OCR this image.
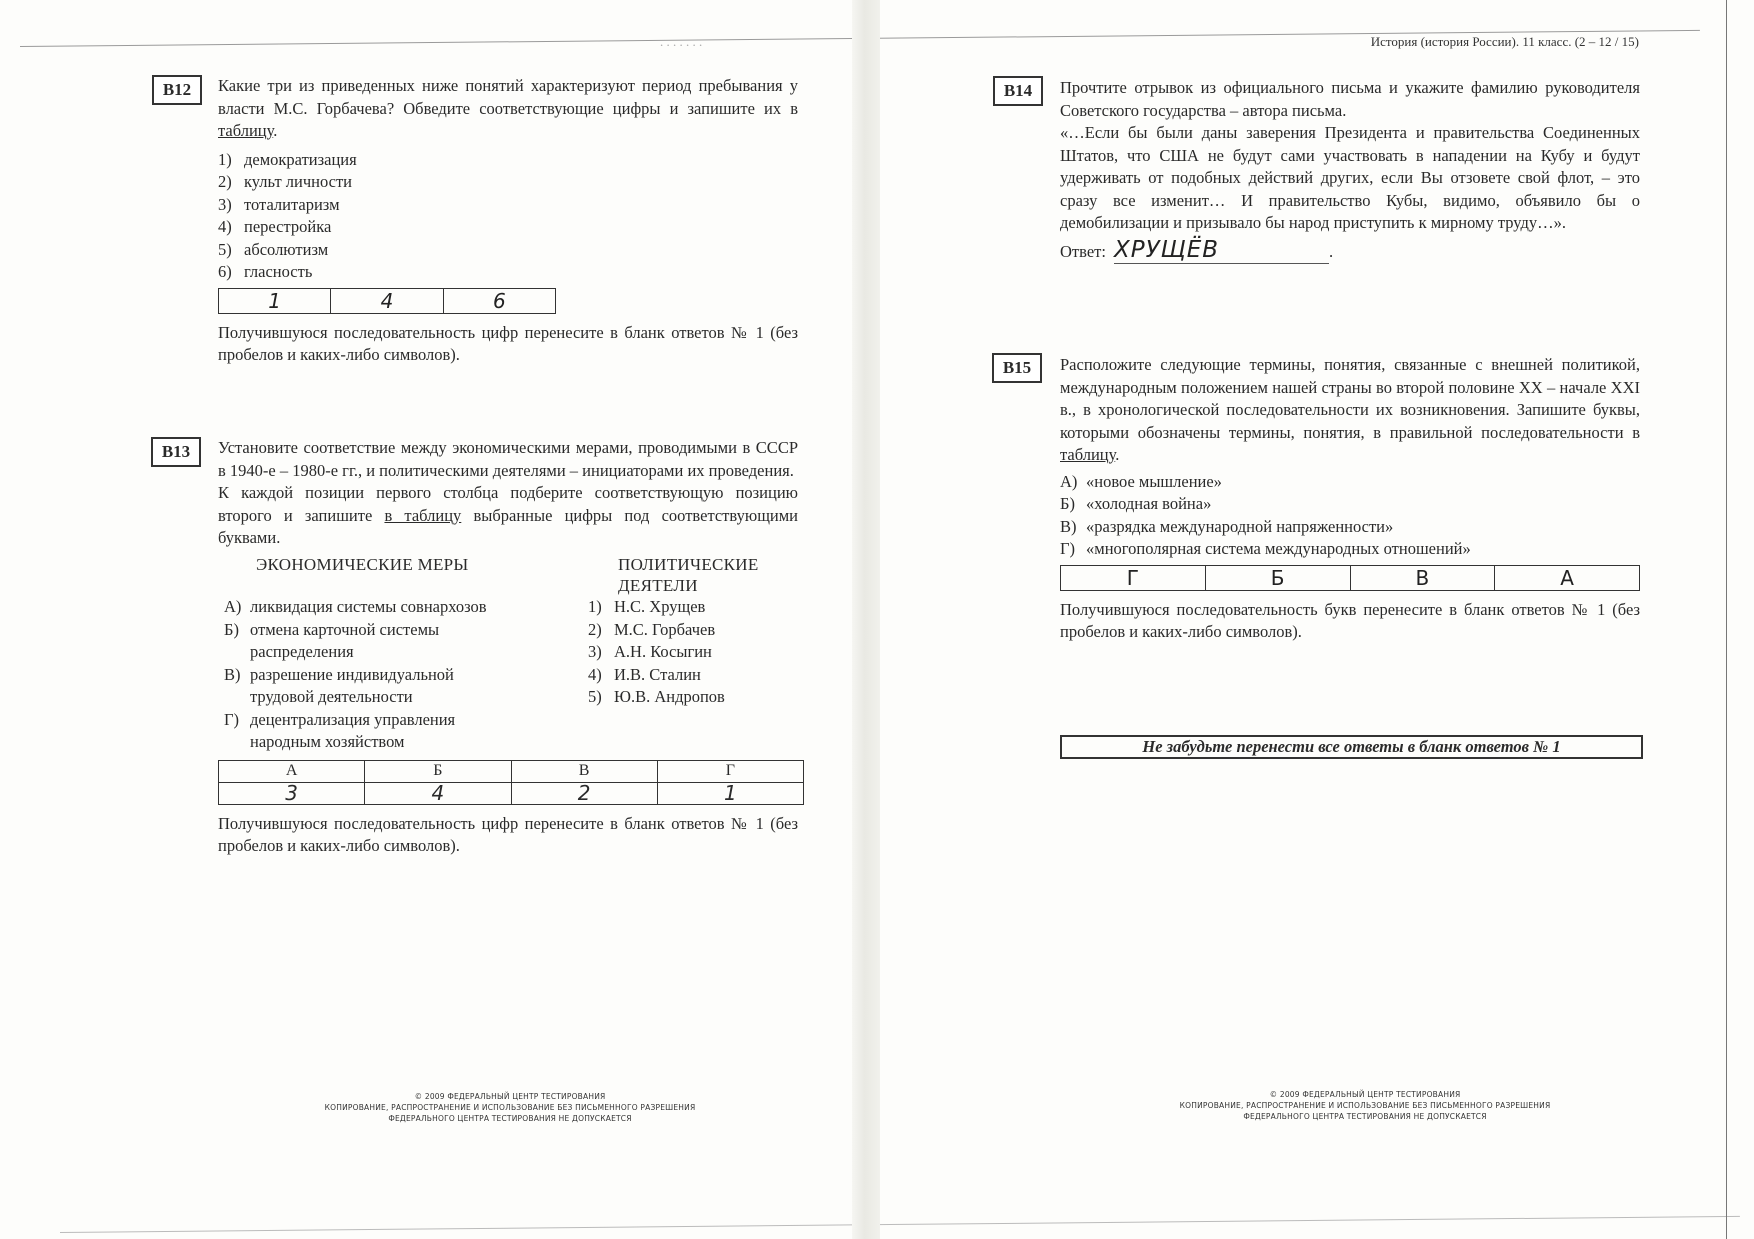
. . . . . . .	История (история России). 11 класс. (2 – 12 / 15)
B12	Какие три из приведенных ниже понятий характеризуют период пребывания у власти М.С. Горбачева? Обведите соответствующие цифры и запишите их в таблицу.

1) демократизация
2) культ личности
3) тоталитаризм
4) перестройка
5) абсолютизм
6) гласность
1	4	6

Получившуюся последовательность цифр перенесите в бланк ответов № 1 (без пробелов и каких-либо символов).

B13	Установите соответствие между экономическими мерами, проводимыми в СССР в 1940-е – 1980-е гг., и политическими деятелями – инициаторами их проведения.

К каждой позиции первого столбца подберите соответствующую позицию второго и запишите в таблицу выбранные цифры под соответствующими буквами.

ЭКОНОМИЧЕСКИЕ МЕРЫ
А) ликвидация системы совнархозов
Б) отмена карточной системы распределения
В) разрешение индивидуальной трудовой деятельности
Г) децентрализация управления народным хозяйством
ПОЛИТИЧЕСКИЕ
ДЕЯТЕЛИ
1) Н.С. Хрущев
2) М.С. Горбачев
3) А.Н. Косыгин
4) И.В. Сталин
5) Ю.В. Андропов
А	Б	В	Г
3	4	2	1

Получившуюся последовательность цифр перенесите в бланк ответов № 1 (без пробелов и каких-либо символов).

© 2009 ФЕДЕРАЛЬНЫЙ ЦЕНТР ТЕСТИРОВАНИЯ
КОПИРОВАНИЕ, РАСПРОСТРАНЕНИЕ И ИСПОЛЬЗОВАНИЕ БЕЗ ПИСЬМЕННОГО РАЗРЕШЕНИЯ
ФЕДЕРАЛЬНОГО ЦЕНТРА ТЕСТИРОВАНИЯ НЕ ДОПУСКАЕТСЯ
B14	Прочтите отрывок из официального письма и укажите фамилию руководителя Советского государства – автора письма.

«…Если бы были даны заверения Президента и правительства Соединенных Штатов, что США не будут сами участвовать в нападении на Кубу и будут удерживать от подобных действий других, если Вы отзовете свой флот, – это сразу все изменит… И правительство Кубы, видимо, объявило бы о демобилизации и призывало бы народ приступить к мирному труду…».

Ответ: ХРУЩЁВ	.
B15	Расположите следующие термины, понятия, связанные с внешней политикой, международным положением нашей страны во второй половине XX – начале XXI в., в хронологической последовательности их возникновения. Запишите буквы, которыми обозначены термины, понятия, в правильной последовательности в таблицу.

А) «новое мышление»
Б) «холодная война»
В) «разрядка международной напряженности»
Г) «многополярная система международных отношений»
Г	Б	В	А

Получившуюся последовательность букв перенесите в бланк ответов № 1 (без пробелов и каких-либо символов).

Не забудьте перенести все ответы в бланк ответов № 1
© 2009 ФЕДЕРАЛЬНЫЙ ЦЕНТР ТЕСТИРОВАНИЯ
КОПИРОВАНИЕ, РАСПРОСТРАНЕНИЕ И ИСПОЛЬЗОВАНИЕ БЕЗ ПИСЬМЕННОГО РАЗРЕШЕНИЯ
ФЕДЕРАЛЬНОГО ЦЕНТРА ТЕСТИРОВАНИЯ НЕ ДОПУСКАЕТСЯ
